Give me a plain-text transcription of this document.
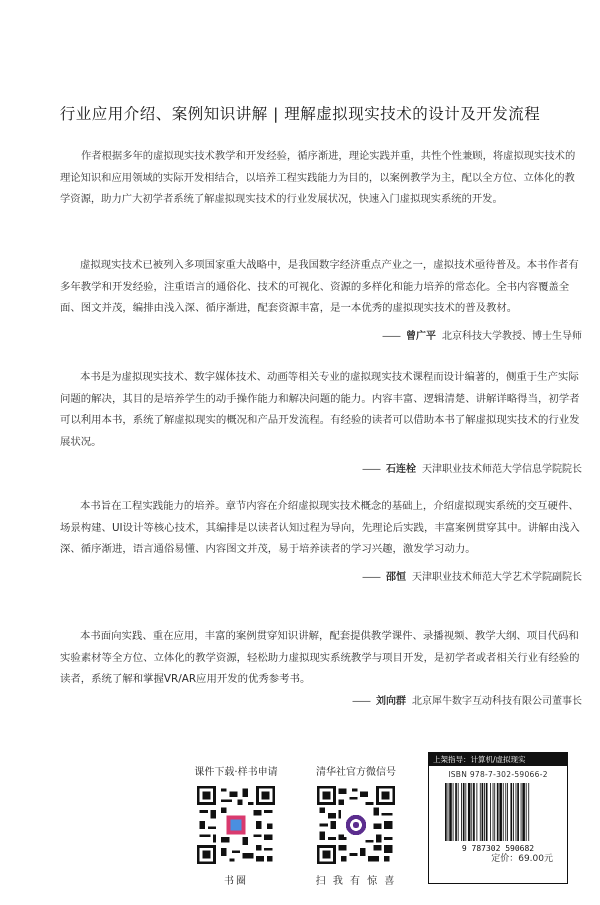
行业应用介绍、案例知识讲解 | 理解虚拟现实技术的设计及开发流程

作者根据多年的虚拟现实技术教学和开发经验，循序渐进，理论实践并重，共性个性兼顾，将虚拟现实技术的理论知识和应用领域的实际开发相结合，以培养工程实践能力为目的，以案例教学为主，配以全方位、立体化的教学资源，助力广大初学者系统了解虚拟现实技术的行业发展状况，快速入门虚拟现实系统的开发。

虚拟现实技术已被列入多项国家重大战略中，是我国数字经济重点产业之一，虚拟技术亟待普及。本书作者有多年教学和开发经验，注重语言的通俗化、技术的可视化、资源的多样化和能力培养的常态化。全书内容覆盖全面、图文并茂，编排由浅入深、循序渐进，配套资源丰富，是一本优秀的虚拟现实技术的普及教材。

—— 曾广平 北京科技大学教授、博士生导师

本书是为虚拟现实技术、数字媒体技术、动画等相关专业的虚拟现实技术课程而设计编著的，侧重于生产实际问题的解决，其目的是培养学生的动手操作能力和解决问题的能力。内容丰富、逻辑清楚、讲解详略得当，初学者可以利用本书，系统了解虚拟现实的概况和产品开发流程。有经验的读者可以借助本书了解虚拟现实技术的行业发展状况。

—— 石连栓 天津职业技术师范大学信息学院院长

本书旨在工程实践能力的培养。章节内容在介绍虚拟现实技术概念的基础上，介绍虚拟现实系统的交互硬件、场景构建、UI设计等核心技术，其编排是以读者认知过程为导向，先理论后实践，丰富案例贯穿其中。讲解由浅入深、循序渐进，语言通俗易懂、内容图文并茂，易于培养读者的学习兴趣，激发学习动力。

—— 邵恒 天津职业技术师范大学艺术学院副院长

本书面向实践、重在应用，丰富的案例贯穿知识讲解，配套提供教学课件、录播视频、教学大纲、项目代码和实验素材等全方位、立体化的教学资源，轻松助力虚拟现实系统教学与项目开发，是初学者或者相关行业有经验的读者，系统了解和掌握VR/AR应用开发的优秀参考书。

—— 刘向群 北京犀牛数字互动科技有限公司董事长
课件下载·样书申请
书圈
清华社官方微信号
扫 我 有 惊 喜
上架指导：计算机/虚拟现实
ISBN 978-7-302-59066-2
9 787302 590682
定价：69.00元
